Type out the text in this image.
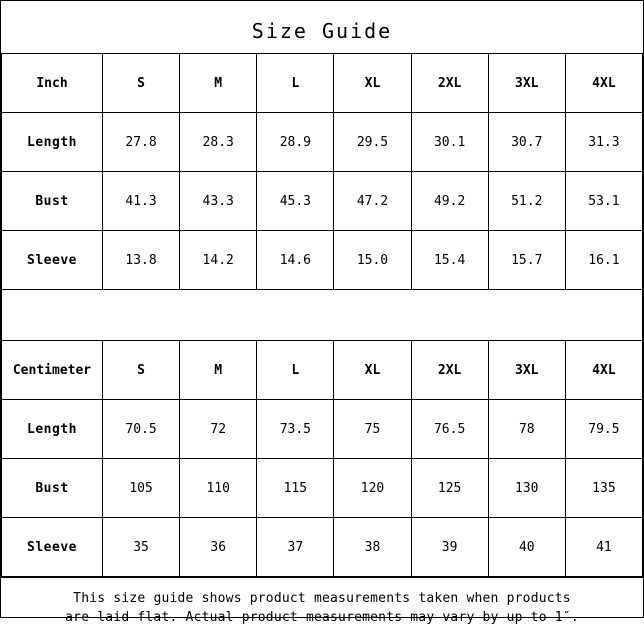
Size Guide
Inch	S	M	L	XL	2XL	3XL	4XL
Length	27.8	28.3	28.9	29.5	30.1	30.7	31.3
Bust	41.3	43.3	45.3	47.2	49.2	51.2	53.1
Sleeve	13.8	14.2	14.6	15.0	15.4	15.7	16.1
Centimeter	S	M	L	XL	2XL	3XL	4XL
Length	70.5	72	73.5	75	76.5	78	79.5
Bust	105	110	115	120	125	130	135
Sleeve	35	36	37	38	39	40	41
This size guide shows product measurements taken when products
are laid flat. Actual product measurements may vary by up to 1″.
